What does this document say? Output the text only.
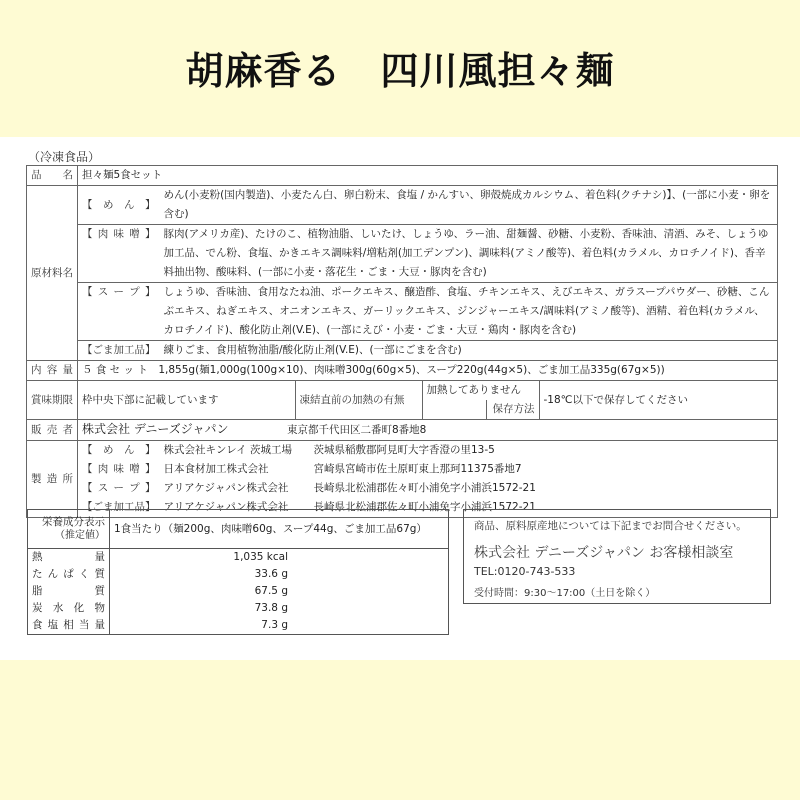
胡麻香る　四川風担々麺
（冷凍食品）
品　名	担々麺5食セット				
原材料名	【　め　ん　】	めん(小麦粉(国内製造)、小麦たん白、卵白粉末、食塩 / かんすい、卵殻焼成カルシウム、着色料(クチナシ)】、(一部に小麦・卵を含む)			
	【 肉 味 噌 】	豚肉(アメリカ産)、たけのこ、植物油脂、しいたけ、しょうゆ、ラー油、甜麺醤、砂糖、小麦粉、香味油、清酒、みそ、しょうゆ加工品、でん粉、食塩、かきエキス調味料/増粘剤(加工デンプン)、調味料(アミノ酸等)、着色料(カラメル、カロチノイド)、香辛料抽出物、酸味料、(一部に小麦・落花生・ごま・大豆・豚肉を含む)			
	【 ス ー プ 】	しょうゆ、香味油、食用なたね油、ポークエキス、醸造酢、食塩、チキンエキス、えびエキス、ガラスープパウダー、砂糖、こんぶエキス、ねぎエキス、オニオンエキス、ガーリックエキス、ジンジャーエキス/調味料(アミノ酸等)、酒精、着色料(カラメル、カロチノイド)、酸化防止剤(V.E)、(一部にえび・小麦・ごま・大豆・鶏肉・豚肉を含む)			
	【ごま加工品】	練りごま、食用植物油脂/酸化防止剤(V.E)、(一部にごまを含む)			
内容量	５ 食 セ ッ ト　1,855g(麺1,000g(100g×10)、肉味噌300g(60g×5)、スープ220g(44g×5)、ごま加工品335g(67g×5))				
賞味期限	枠中央下部に記載しています		凍結直前の加熱の有無	加熱してありません
保存方法	-18℃以下で保存してください
販売者	株式会社 デニーズジャパン 東京都千代田区二番町8番地8				
製造所	【　め　ん　】	株式会社キンレイ 茨城工場 茨城県稲敷郡阿見町大字香澄の里13-5			
	【 肉 味 噌 】	日本食材加工株式会社 宮崎県宮崎市佐土原町東上那珂11375番地7			
	【 ス ー プ 】	アリアケジャパン株式会社 長崎県北松浦郡佐々町小浦免字小浦浜1572-21			
	【ごま加工品】	アリアケジャパン株式会社 長崎県北松浦郡佐々町小浦免字小浦浜1572-21			
栄養成分表示
（推定値）	1食当たり（麺200g、肉味噌60g、スープ44g、ごま加工品67g）

熱 量	1,035 kcal

た ん ぱ く 質	33.6 g

脂 質	67.5 g

炭 水 化 物	73.8 g

食 塩 相 当 量	7.3 g
商品、原料原産地については下記までお問合せください。
株式会社 デニーズジャパン お客様相談室
TEL:0120-743-533
受付時間：9:30～17:00（土日を除く）
